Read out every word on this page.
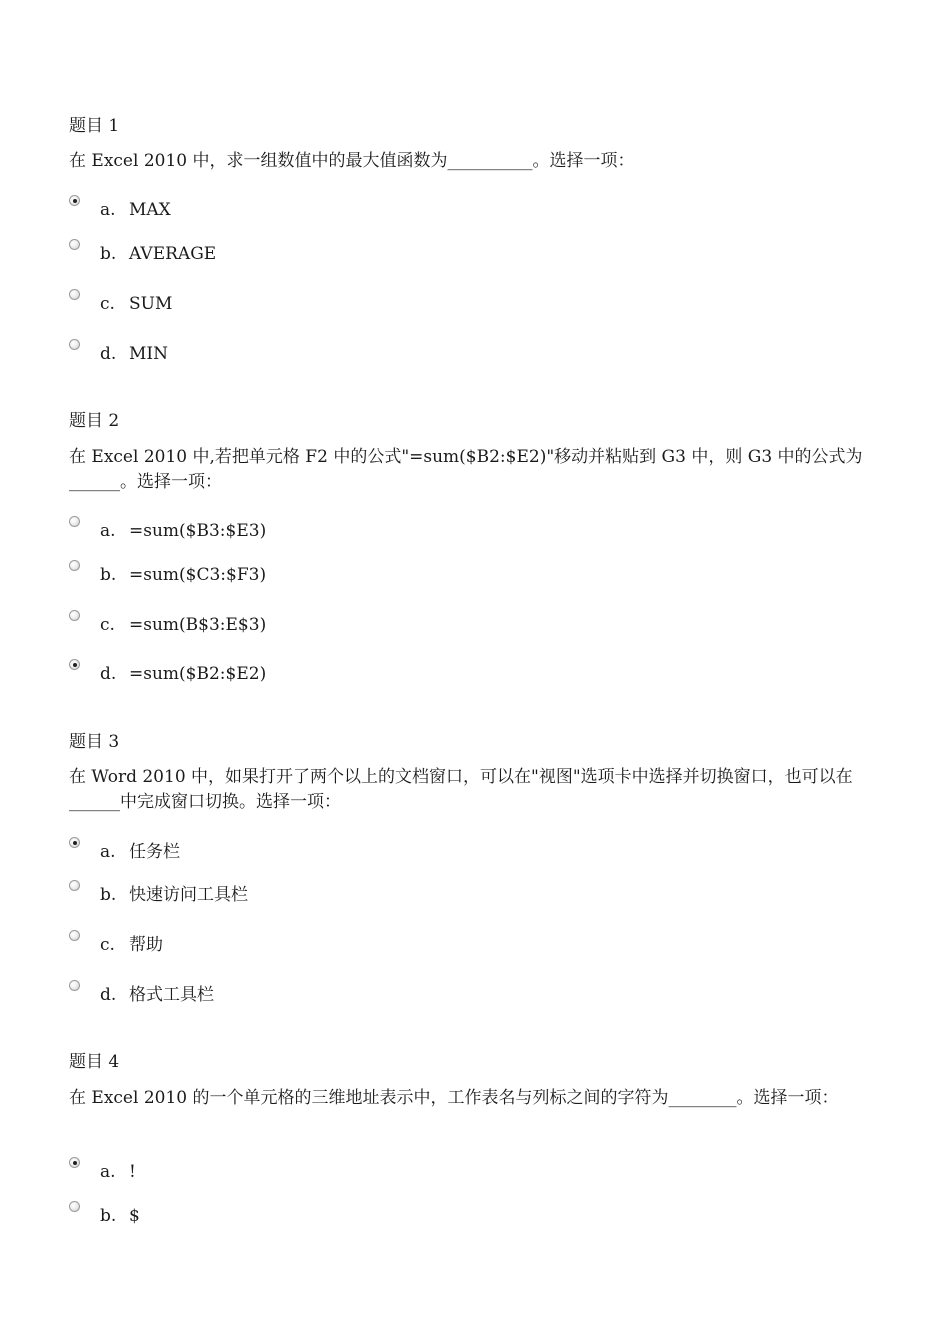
题目 1
在 Excel 2010 中，求一组数值中的最大值函数为__________。选择一项：
a. MAX
b. AVERAGE
c. SUM
d. MIN
题目 2
在 Excel 2010 中,若把单元格 F2 中的公式"=sum($B2:$E2)"移动并粘贴到 G3 中，则 G3 中的公式为______。选择一项：
a. =sum($B3:$E3)
b. =sum($C3:$F3)
c. =sum(B$3:E$3)
d. =sum($B2:$E2)
题目 3
在 Word 2010 中，如果打开了两个以上的文档窗口，可以在"视图"选项卡中选择并切换窗口，也可以在______中完成窗口切换。选择一项：
a. 任务栏
b. 快速访问工具栏
c. 帮助
d. 格式工具栏
题目 4
在 Excel 2010 的一个单元格的三维地址表示中，工作表名与列标之间的字符为________。选择一项：
a. !
b. $
